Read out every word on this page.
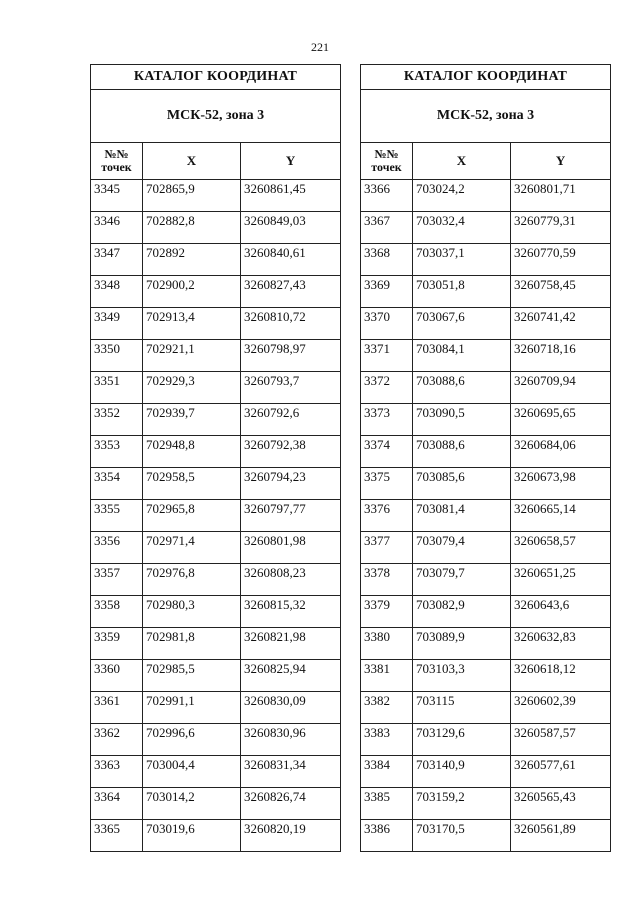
221
КАТАЛОГ КООРДИНАТ		
МСК-52, зона 3		

№№
точек	X	Y
3345	702865,9	3260861,45
3346	702882,8	3260849,03
3347	702892	3260840,61
3348	702900,2	3260827,43
3349	702913,4	3260810,72
3350	702921,1	3260798,97
3351	702929,3	3260793,7
3352	702939,7	3260792,6
3353	702948,8	3260792,38
3354	702958,5	3260794,23
3355	702965,8	3260797,77
3356	702971,4	3260801,98
3357	702976,8	3260808,23
3358	702980,3	3260815,32
3359	702981,8	3260821,98
3360	702985,5	3260825,94
3361	702991,1	3260830,09
3362	702996,6	3260830,96
3363	703004,4	3260831,34
3364	703014,2	3260826,74
3365	703019,6	3260820,19
КАТАЛОГ КООРДИНАТ		
МСК-52, зона 3		

№№
точек	X	Y
3366	703024,2	3260801,71
3367	703032,4	3260779,31
3368	703037,1	3260770,59
3369	703051,8	3260758,45
3370	703067,6	3260741,42
3371	703084,1	3260718,16
3372	703088,6	3260709,94
3373	703090,5	3260695,65
3374	703088,6	3260684,06
3375	703085,6	3260673,98
3376	703081,4	3260665,14
3377	703079,4	3260658,57
3378	703079,7	3260651,25
3379	703082,9	3260643,6
3380	703089,9	3260632,83
3381	703103,3	3260618,12
3382	703115	3260602,39
3383	703129,6	3260587,57
3384	703140,9	3260577,61
3385	703159,2	3260565,43
3386	703170,5	3260561,89
